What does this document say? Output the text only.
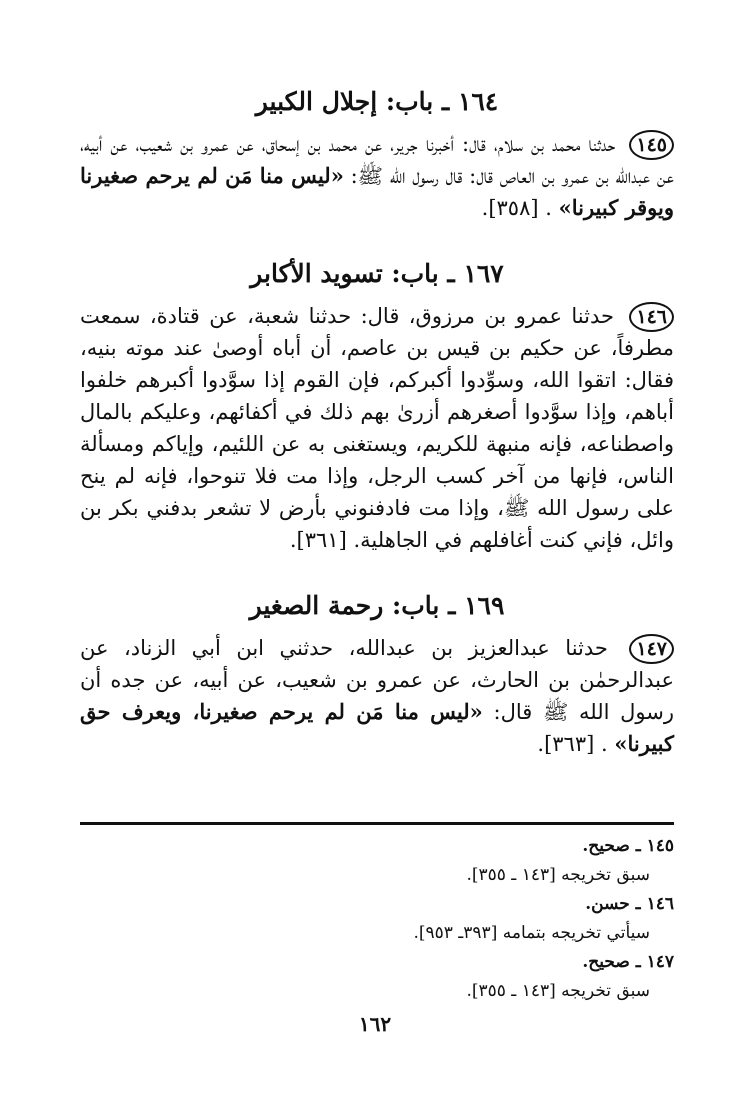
١٦٤ ـ باب: إجلال الكبير
١٤٥ حدثنا محمد بن سلام، قال: أخبرنا جرير، عن محمد بن إسحاق، عن عمرو بن شعيب، عن أبيه، عن عبدالله بن عمرو بن العاص قال: قال رسول الله ﷺ: «ليس منا مَن لم يرحم صغيرنا ويوقر كبيرنا» . [٣٥٨].
١٦٧ ـ باب: تسويد الأكابر
١٤٦ حدثنا عمرو بن مرزوق، قال: حدثنا شعبة، عن قتادة، سمعت مطرفاً، عن حكيم بن قيس بن عاصم، أن أباه أوصىٰ عند موته بنيه، فقال: اتقوا الله، وسوِّدوا أكبركم، فإن القوم إذا سوَّدوا أكبرهم خلفوا أباهم، وإذا سوَّدوا أصغرهم أزرىٰ بهم ذلك في أكفائهم، وعليكم بالمال واصطناعه، فإنه منبهة للكريم، ويستغنى به عن اللئيم، وإياكم ومسألة الناس، فإنها من آخر كسب الرجل، وإذا مت فلا تنوحوا، فإنه لم ينح على رسول الله ﷺ، وإذا مت فادفنوني بأرض لا تشعر بدفني بكر بن وائل، فإني كنت أغافلهم في الجاهلية. [٣٦١].
١٦٩ ـ باب: رحمة الصغير
١٤٧ حدثنا عبدالعزيز بن عبدالله، حدثني ابن أبي الزناد، عن عبدالرحمٰن بن الحارث، عن عمرو بن شعيب، عن أبيه، عن جده أن رسول الله ﷺ قال: «ليس منا مَن لم يرحم صغيرنا، ويعرف حق كبيرنا» . [٣٦٣].
١٤٥ ـ صحيح.
سبق تخريجه [١٤٣ ـ ٣٥٥].
١٤٦ ـ حسن.
سيأتي تخريجه بتمامه [٣٩٣ـ ٩٥٣].
١٤٧ ـ صحيح.
سبق تخريجه [١٤٣ ـ ٣٥٥].
١٦٢
